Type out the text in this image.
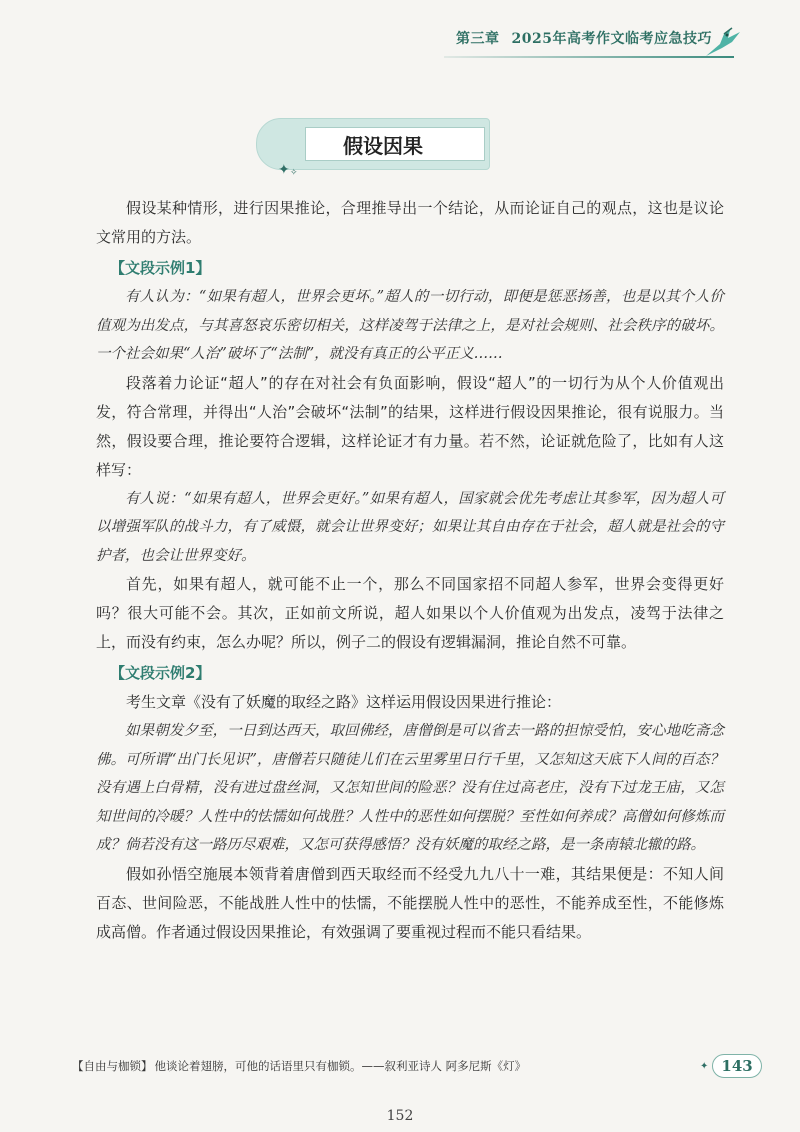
第三章 2025年高考作文临考应急技巧
假设因果
✦ ✧

假设某种情形，进行因果推论，合理推导出一个结论，从而论证自己的观点，这也是议论文常用的方法。

【文段示例1】

有人认为：“如果有超人，世界会更坏。”超人的一切行动，即便是惩恶扬善，也是以其个人价值观为出发点，与其喜怒哀乐密切相关，这样凌驾于法律之上，是对社会规则、社会秩序的破坏。一个社会如果“人治”破坏了“法制”，就没有真正的公平正义……

段落着力论证“超人”的存在对社会有负面影响，假设“超人”的一切行为从个人价值观出发，符合常理，并得出“人治”会破坏“法制”的结果，这样进行假设因果推论，很有说服力。当然，假设要合理，推论要符合逻辑，这样论证才有力量。若不然，论证就危险了，比如有人这样写：

有人说：“如果有超人，世界会更好。”如果有超人，国家就会优先考虑让其参军，因为超人可以增强军队的战斗力，有了威慑，就会让世界变好；如果让其自由存在于社会，超人就是社会的守护者，也会让世界变好。

首先，如果有超人，就可能不止一个，那么不同国家招不同超人参军，世界会变得更好吗？很大可能不会。其次，正如前文所说，超人如果以个人价值观为出发点，凌驾于法律之上，而没有约束，怎么办呢？所以，例子二的假设有逻辑漏洞，推论自然不可靠。

【文段示例2】

考生文章《没有了妖魔的取经之路》这样运用假设因果进行推论：

如果朝发夕至，一日到达西天，取回佛经，唐僧倒是可以省去一路的担惊受怕，安心地吃斋念佛。可所谓“出门长见识”，唐僧若只随徒儿们在云里雾里日行千里，又怎知这天底下人间的百态？没有遇上白骨精，没有进过盘丝洞，又怎知世间的险恶？没有住过高老庄，没有下过龙王庙，又怎知世间的冷暖？人性中的怯懦如何战胜？人性中的恶性如何摆脱？至性如何养成？高僧如何修炼而成？倘若没有这一路历尽艰难，又怎可获得感悟？没有妖魔的取经之路，是一条南辕北辙的路。

假如孙悟空施展本领背着唐僧到西天取经而不经受九九八十一难，其结果便是：不知人间百态、世间险恶，不能战胜人性中的怯懦，不能摆脱人性中的恶性，不能养成至性，不能修炼成高僧。作者通过假设因果推论，有效强调了要重视过程而不能只看结果。

【自由与枷锁】 他谈论着翅膀，可他的话语里只有枷锁。——叙利亚诗人 阿多尼斯《灯》	✦ 143
152
